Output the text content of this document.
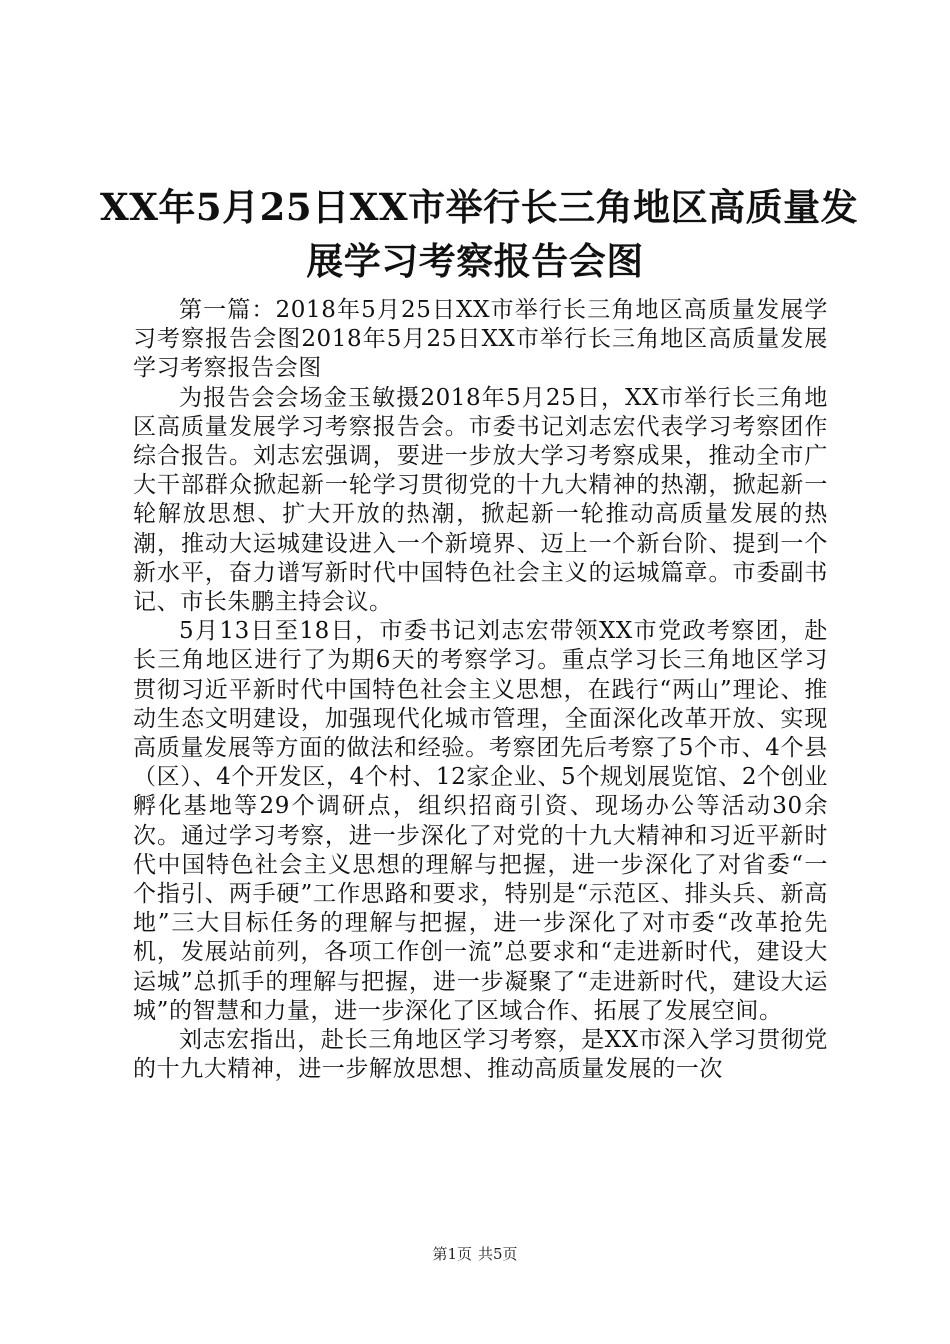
XX年5月25日XX市举行长三角地区高质量发
展学习考察报告会图

第一篇：2018年5月25日XX市举行长三角地区高质量发展学习考察报告会图2018年5月25日XX市举行长三角地区高质量发展学习考察报告会图

为报告会会场金玉敏摄2018年5月25日，XX市举行长三角地区高质量发展学习考察报告会。市委书记刘志宏代表学习考察团作综合报告。刘志宏强调，要进一步放大学习考察成果，推动全市广大干部群众掀起新一轮学习贯彻党的十九大精神的热潮，掀起新一轮解放思想、扩大开放的热潮，掀起新一轮推动高质量发展的热潮，推动大运城建设进入一个新境界、迈上一个新台阶、提到一个新水平，奋力谱写新时代中国特色社会主义的运城篇章。市委副书记、市长朱鹏主持会议。

5月13日至18日，市委书记刘志宏带领XX市党政考察团，赴长三角地区进行了为期6天的考察学习。重点学习长三角地区学习贯彻习近平新时代中国特色社会主义思想，在践行“两山”理论、推动生态文明建设，加强现代化城市管理，全面深化改革开放、实现高质量发展等方面的做法和经验。考察团先后考察了5个市、4个县（区）、4个开发区，4个村、12家企业、5个规划展览馆、2个创业孵化基地等29个调研点，组织招商引资、现场办公等活动30余次。通过学习考察，进一步深化了对党的十九大精神和习近平新时代中国特色社会主义思想的理解与把握，进一步深化了对省委“一个指引、两手硬”工作思路和要求，特别是“示范区、排头兵、新高地”三大目标任务的理解与把握，进一步深化了对市委“改革抢先机，发展站前列，各项工作创一流”总要求和“走进新时代，建设大运城”总抓手的理解与把握，进一步凝聚了“走进新时代，建设大运城”的智慧和力量，进一步深化了区域合作、拓展了发展空间。

刘志宏指出，赴长三角地区学习考察，是XX市深入学习贯彻党的十九大精神，进一步解放思想、推动高质量发展的一次

第1页 共5页
